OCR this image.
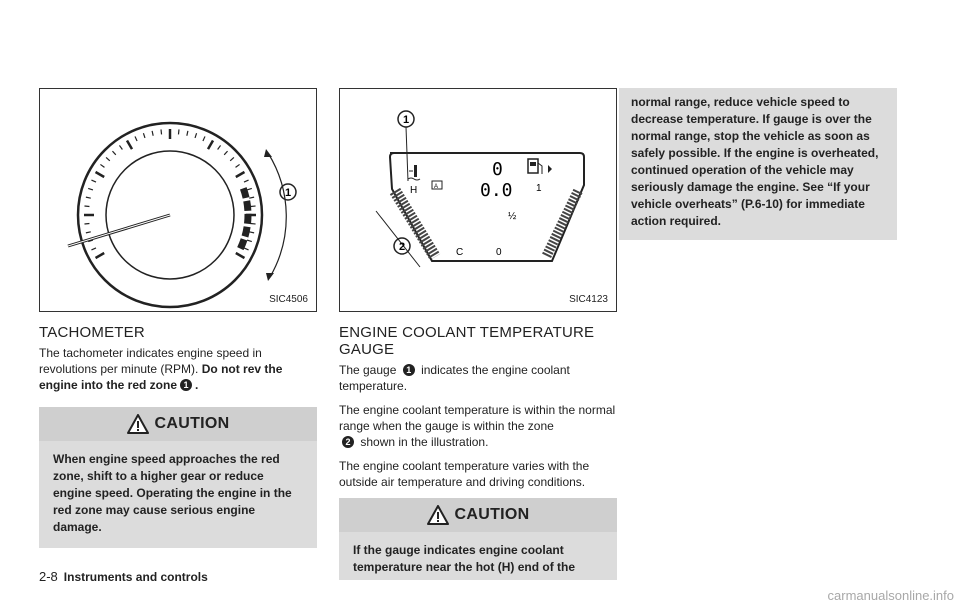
1
SIC4506
TACHOMETER

The tachometer indicates engine speed in revolutions per minute (RPM). Do not rev the engine into the red zone 1 .

CAUTION
When engine speed approaches the red zone, shift to a higher gear or reduce engine speed. Operating the engine in the red zone may cause serious engine damage.
H	A
0
0.0 1
½
0
C
1
2
SIC4123
ENGINE COOLANT TEMPERATURE GAUGE

The gauge 1 indicates the engine coolant temperature.

The engine coolant temperature is within the normal range when the gauge is within the zone
2 shown in the illustration.

The engine coolant temperature varies with the outside air temperature and driving conditions.

CAUTION
If the gauge indicates engine coolant temperature near the hot (H) end of the
normal range, reduce vehicle speed to decrease temperature. If gauge is over the normal range, stop the vehicle as soon as safely possible. If the engine is overheated, continued operation of the vehicle may seriously damage the engine. See “If your vehicle overheats” (P.6-10) for immediate action required.
2-8 Instruments and controls
carmanualsonline.info
